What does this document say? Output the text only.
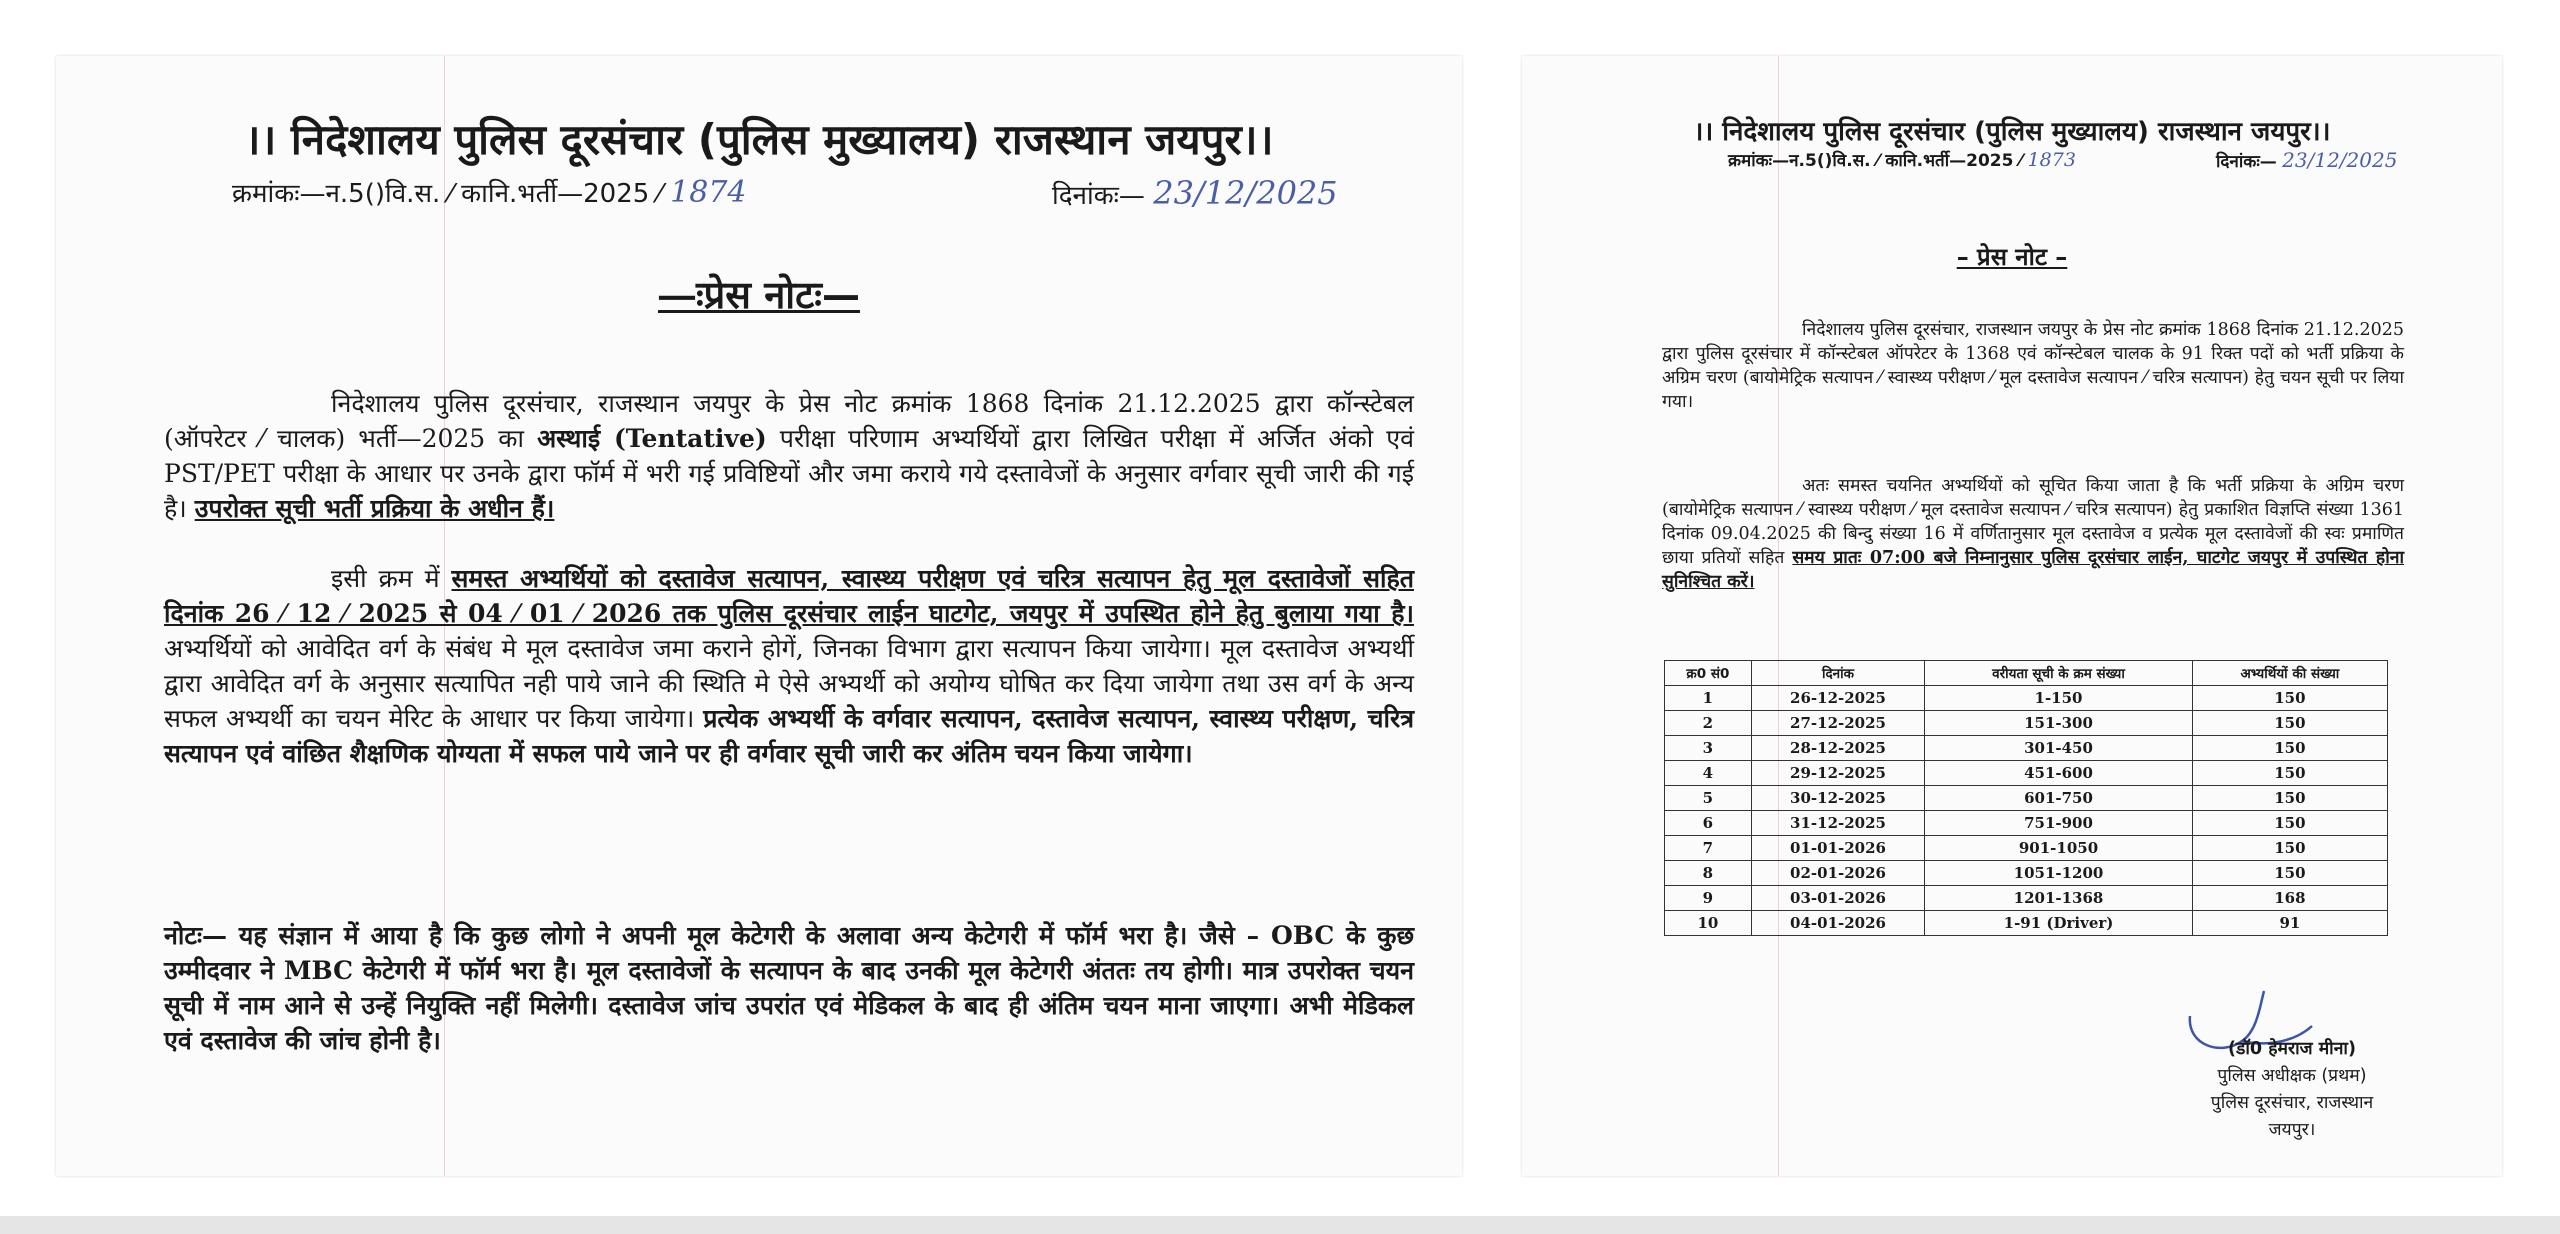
।। निदेशालय पुलिस दूरसंचार (पुलिस मुख्यालय) राजस्थान जयपुर।।
क्रमांकः—न.5()वि.स. ⁄ कानि.भर्ती—2025 ⁄ 1874	दिनांकः— 23/12/2025
—ःप्रेस नोटः—
निदेशालय पुलिस दूरसंचार, राजस्थान जयपुर के प्रेस नोट क्रमांक 1868 दिनांक 21.12.2025 द्वारा कॉन्स्टेबल (ऑपरेटर ⁄ चालक) भर्ती—2025 का अस्थाई (Tentative) परीक्षा परिणाम अभ्यर्थियों द्वारा लिखित परीक्षा में अर्जित अंको एवं PST/PET परीक्षा के आधार पर उनके द्वारा फॉर्म में भरी गई प्रविष्टियों और जमा कराये गये दस्तावेजों के अनुसार वर्गवार सूची जारी की गई है। उपरोक्त सूची भर्ती प्रक्रिया के अधीन हैं।
इसी क्रम में समस्त अभ्यर्थियों को दस्तावेज सत्यापन, स्वास्थ्य परीक्षण एवं चरित्र सत्यापन हेतु मूल दस्तावेजों सहित दिनांक 26 ⁄ 12 ⁄ 2025 से 04 ⁄ 01 ⁄ 2026 तक पुलिस दूरसंचार लाईन घाटगेट, जयपुर में उपस्थित होने हेतु बुलाया गया है। अभ्यर्थियों को आवेदित वर्ग के संबंध मे मूल दस्तावेज जमा कराने होगें, जिनका विभाग द्वारा सत्यापन किया जायेगा। मूल दस्तावेज अभ्यर्थी द्वारा आवेदित वर्ग के अनुसार सत्यापित नही पाये जाने की स्थिति मे ऐसे अभ्यर्थी को अयोग्य घोषित कर दिया जायेगा तथा उस वर्ग के अन्य सफल अभ्यर्थी का चयन मेरिट के आधार पर किया जायेगा। प्रत्येक अभ्यर्थी के वर्गवार सत्यापन, दस्तावेज सत्यापन, स्वास्थ्य परीक्षण, चरित्र सत्यापन एवं वांछित शैक्षणिक योग्यता में सफल पाये जाने पर ही वर्गवार सूची जारी कर अंतिम चयन किया जायेगा।
नोटः— यह संज्ञान में आया है कि कुछ लोगो ने अपनी मूल केटेगरी के अलावा अन्य केटेगरी में फॉर्म भरा है। जैसे – OBC के कुछ उम्मीदवार ने MBC केटेगरी में फॉर्म भरा है। मूल दस्तावेजों के सत्यापन के बाद उनकी मूल केटेगरी अंततः तय होगी। मात्र उपरोक्त चयन सूची में नाम आने से उन्हें नियुक्ति नहीं मिलेगी। दस्तावेज जांच उपरांत एवं मेडिकल के बाद ही अंतिम चयन माना जाएगा। अभी मेडिकल एवं दस्तावेज की जांच होनी है।
।। निदेशालय पुलिस दूरसंचार (पुलिस मुख्यालय) राजस्थान जयपुर।।
क्रमांकः—न.5()वि.स. ⁄ कानि.भर्ती—2025 ⁄ 1873	दिनांकः— 23/12/2025
– प्रेस नोट –
निदेशालय पुलिस दूरसंचार, राजस्थान जयपुर के प्रेस नोट क्रमांक 1868 दिनांक 21.12.2025 द्वारा पुलिस दूरसंचार में कॉन्स्टेबल ऑपरेटर के 1368 एवं कॉन्स्टेबल चालक के 91 रिक्त पदों को भर्ती प्रक्रिया के अग्रिम चरण (बायोमेट्रिक सत्यापन ⁄ स्वास्थ्य परीक्षण ⁄ मूल दस्तावेज सत्यापन ⁄ चरित्र सत्यापन) हेतु चयन सूची पर लिया गया।
अतः समस्त चयनित अभ्यर्थियों को सूचित किया जाता है कि भर्ती प्रक्रिया के अग्रिम चरण (बायोमेट्रिक सत्यापन ⁄ स्वास्थ्य परीक्षण ⁄ मूल दस्तावेज सत्यापन ⁄ चरित्र सत्यापन) हेतु प्रकाशित विज्ञप्ति संख्या 1361 दिनांक 09.04.2025 की बिन्दु संख्या 16 में वर्णितानुसार मूल दस्तावेज व प्रत्येक मूल दस्तावेजों की स्वः प्रमाणित छाया प्रतियों सहित समय प्रातः 07:00 बजे निम्नानुसार पुलिस दूरसंचार लाईन, घाटगेट जयपुर में उपस्थित होना सुनिश्चित करें।
क्र0 सं0	दिनांक	वरीयता सूची के क्रम संख्या	अभ्यर्थियों की संख्या
1	26-12-2025	1-150	150
2	27-12-2025	151-300	150
3	28-12-2025	301-450	150
4	29-12-2025	451-600	150
5	30-12-2025	601-750	150
6	31-12-2025	751-900	150
7	01-01-2026	901-1050	150
8	02-01-2026	1051-1200	150
9	03-01-2026	1201-1368	168
10	04-01-2026	1-91 (Driver)	91
(डॉ0 हेमराज मीना)
पुलिस अधीक्षक (प्रथम)
पुलिस दूरसंचार, राजस्थान
जयपुर।
